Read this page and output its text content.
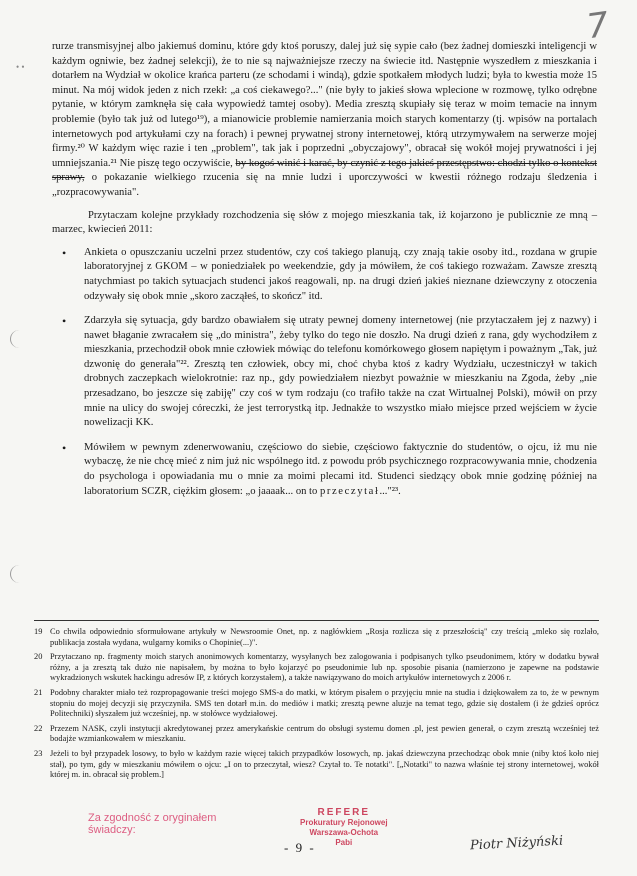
7
• •

rurze transmisyjnej albo jakiemuś dominu, które gdy ktoś poruszy, dalej już się sypie cało (bez żadnej domieszki inteligencji w każdym ogniwie, bez żadnej selekcji), że to nie są najważniejsze rzeczy na świecie itd. Następnie wyszedłem z mieszkania i dotarłem na Wydział w okolice krańca parteru (ze schodami i windą), gdzie spotkałem młodych ludzi; była to kwestia może 15 minut. Na mój widok jeden z nich rzekł: „a coś ciekawego?..." (nie były to jakieś słowa wplecione w rozmowę, tylko odrębne pytanie, w którym zamknęła się cała wypowiedź tamtej osoby). Media zresztą skupiały się teraz w moim temacie na innym problemie (było tak już od lutego¹⁹), a mianowicie problemie namierzania moich starych komentarzy (tj. wpisów na portalach internetowych pod artykułami czy na forach) i pewnej prywatnej strony internetowej, którą utrzymywałem na serwerze mojej firmy.²⁰ W każdym więc razie i ten „problem", tak jak i poprzedni „obyczajowy", obracał się wokół mojej prywatności i jej umniejszania.²¹ Nie piszę tego oczywiście, by kogoś winić i karać, by czynić z tego jakieś przestępstwo: chodzi tylko o kontekst sprawy, o pokazanie wielkiego rzucenia się na mnie ludzi i uporczywości w kwestii różnego rodzaju śledzenia i „rozpracowywania".

Przytaczam kolejne przykłady rozchodzenia się słów z mojego mieszkania tak, iż kojarzono je publicznie ze mną – marzec, kwiecień 2011:

• Ankieta o opuszczaniu uczelni przez studentów, czy coś takiego planują, czy znają takie osoby itd., rozdana w grupie laboratoryjnej z GKOM – w poniedziałek po weekendzie, gdy ja mówiłem, że coś takiego rozważam. Zawsze zresztą natychmiast po takich sytuacjach studenci jakoś reagowali, np. na drugi dzień jakieś nieznane dziewczyny z otoczenia odzywały się obok mnie „skoro zacząłeś, to skończ" itd.
• Zdarzyła się sytuacja, gdy bardzo obawiałem się utraty pewnej domeny internetowej (nie przytaczałem jej z nazwy) i nawet błaganie zwracałem się „do ministra", żeby tylko do tego nie doszło. Na drugi dzień z rana, gdy wychodziłem z mieszkania, przechodził obok mnie człowiek mówiąc do telefonu komórkowego głosem napiętym i poważnym „Tak, już dzwonię do generała"²². Zresztą ten człowiek, obcy mi, choć chyba ktoś z kadry Wydziału, uczestniczył w takich drobnych zaczepkach wielokrotnie: raz np., gdy powiedziałem niezbyt poważnie w mieszkaniu na Zgoda, żeby „nie przesadzano, bo jeszcze się zabiję" czy coś w tym rodzaju (co trafiło także na czat Wirtualnej Polski), mówił on przy mnie na ulicy do swojej córeczki, że jest terrorystką itp. Jednakże to wszystko miało miejsce przed wejściem w życie nowelizacji KK.
• Mówiłem w pewnym zdenerwowaniu, częściowo do siebie, częściowo faktycznie do studentów, o ojcu, iż mu nie wybaczę, że nie chcę mieć z nim już nic wspólnego itd. z powodu prób psychicznego rozpracowywania mnie, chodzenia do psychologa i opowiadania mu o mnie za moimi plecami itd. Studenci siedzący obok mnie godzinę później na laboratorium SCZR, ciężkim głosem: „o jaaaak... on to przeczytał..."²³.
19 Co chwila odpowiednio sformułowane artykuły w Newsroomie Onet, np. z nagłówkiem „Rosja rozlicza się z przeszłością" czy treścią „mleko się rozlało, publikacja została wydana, wulgarny komiks o Chopinie(...)".
20 Przytaczano np. fragmenty moich starych anonimowych komentarzy, wysyłanych bez zalogowania i podpisanych tylko pseudonimem, który w dodatku bywał różny, a ja zresztą tak dużo nie napisałem, by można to było kojarzyć po pseudonimie lub np. sposobie pisania (namierzono je zapewne na podstawie wykradzionych wskutek hackingu adresów IP, z których korzystałem), a także nawiązywano do moich artykułów internetowych z 2006 r.
21 Podobny charakter miało też rozpropagowanie treści mojego SMS-a do matki, w którym pisałem o przyjęciu mnie na studia i dziękowałem za to, że w pewnym stopniu do mojej decyzji się przyczyniła. SMS ten dotarł m.in. do mediów i matki; zresztą pewne aluzje na temat tego, gdzie się dostałem (i że gdzieś oprócz Politechniki) słyszałem już wcześniej, np. w stołówce wydziałowej.
22 Przezem NASK, czyli instytucji akredytowanej przez amerykańskie centrum do obsługi systemu domen .pl, jest pewien generał, o czym zresztą wcześniej też bodajże wzmiankowałem w mieszkaniu.
23 Jeżeli to był przypadek losowy, to było w każdym razie więcej takich przypadków losowych, np. jakaś dziewczyna przechodząc obok mnie (niby ktoś koło niej stał), po tym, gdy w mieszkaniu mówiłem o ojcu: „I on to przeczytał, wiesz? Czytał to. Te notatki". [„Notatki" to nazwa właśnie tej strony internetowej, wokół której m. in. obracał się problem.]
Za zgodność z oryginałem
świadczy:
REFERE
Prokuratury Rejonowej
Warszawa-Ochota
Pabi
- 9 -	Piotr Niżyński
